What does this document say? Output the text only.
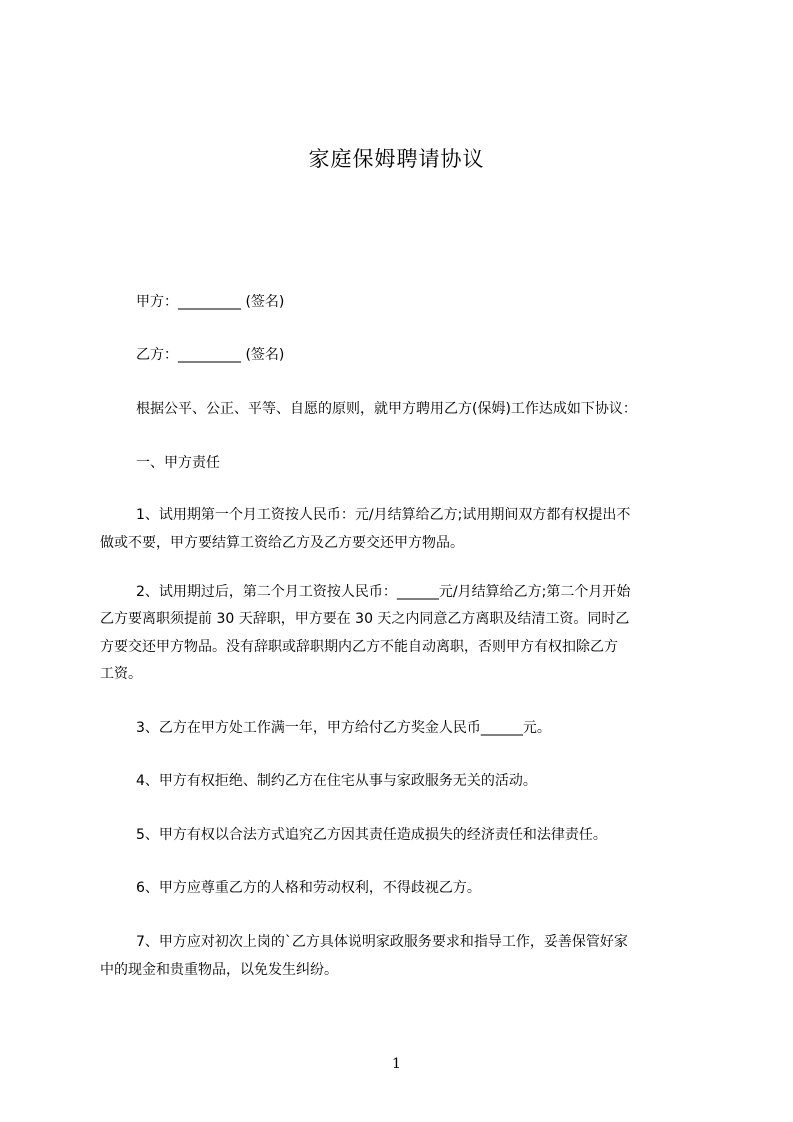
家庭保姆聘请协议
甲方：_________ (签名)
乙方：_________ (签名)
根据公平、公正、平等、自愿的原则，就甲方聘用乙方(保姆)工作达成如下协议：
一、甲方责任
1、试用期第一个月工资按人民币：元/月结算给乙方;试用期间双方都有权提出不
做或不要，甲方要结算工资给乙方及乙方要交还甲方物品。
2、试用期过后，第二个月工资按人民币：______元/月结算给乙方;第二个月开始
乙方要离职须提前 30 天辞职，甲方要在 30 天之内同意乙方离职及结清工资。同时乙
方要交还甲方物品。没有辞职或辞职期内乙方不能自动离职，否则甲方有权扣除乙方
工资。
3、乙方在甲方处工作满一年，甲方给付乙方奖金人民币______元。
4、甲方有权拒绝、制约乙方在住宅从事与家政服务无关的活动。
5、甲方有权以合法方式追究乙方因其责任造成损失的经济责任和法律责任。
6、甲方应尊重乙方的人格和劳动权利，不得歧视乙方。
7、甲方应对初次上岗的`乙方具体说明家政服务要求和指导工作，妥善保管好家
中的现金和贵重物品，以免发生纠纷。
1
